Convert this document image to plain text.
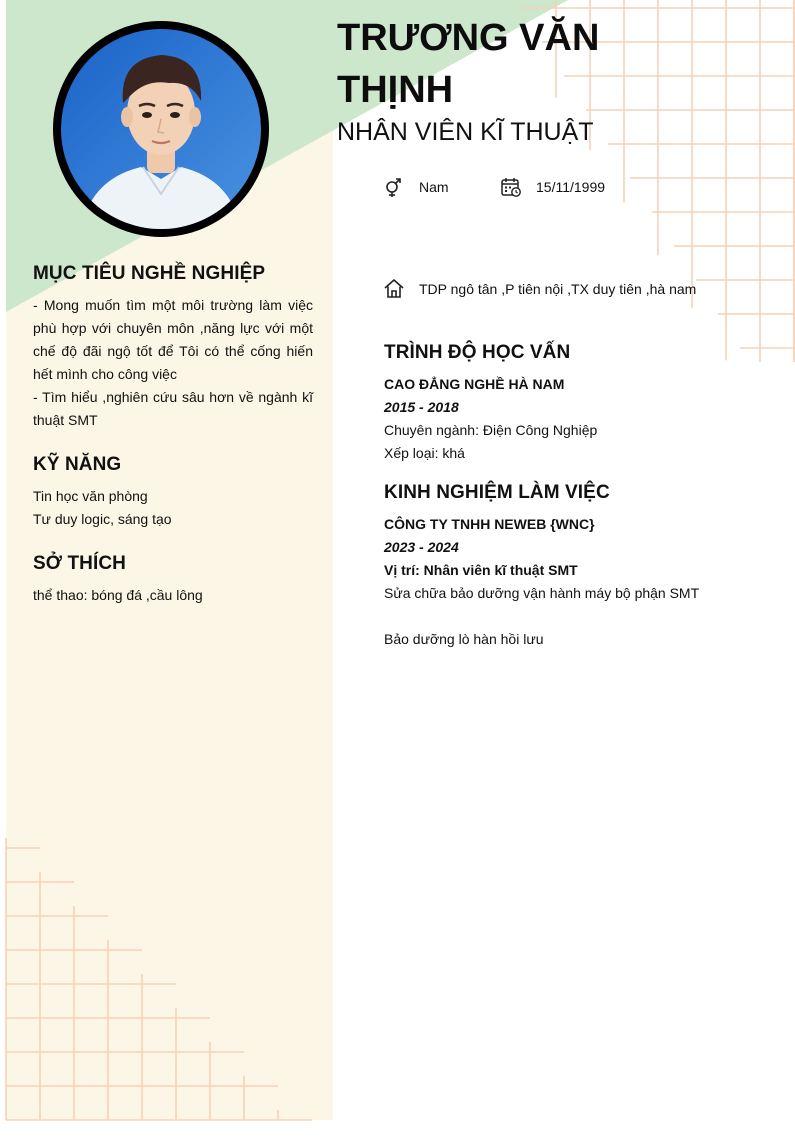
TRƯƠNG VĂN THỊNH
NHÂN VIÊN KĨ THUẬT
Nam	15/11/1999
TDP ngô tân ,P tiên nội ,TX duy tiên ,hà nam
MỤC TIÊU NGHỀ NGHIỆP
- Mong muốn tìm một môi trường làm việc phù hợp với chuyên môn ,năng lực với một chế độ đãi ngộ tốt để Tôi có thể cống hiến hết mình cho công việc
- Tìm hiểu ,nghiên cứu sâu hơn về ngành kĩ thuật SMT
KỸ NĂNG
Tin học văn phòng
Tư duy logic, sáng tạo
SỞ THÍCH
thể thao: bóng đá ,cầu lông
TRÌNH ĐỘ HỌC VẤN
CAO ĐẲNG NGHỀ HÀ NAM
2015 - 2018
Chuyên ngành: Điện Công Nghiệp
Xếp loại: khá
KINH NGHIỆM LÀM VIỆC
CÔNG TY TNHH NEWEB {WNC}
2023 - 2024
Vị trí: Nhân viên kĩ thuật SMT
Sửa chữa bảo dưỡng vận hành máy bộ phận SMT

Bảo dưỡng lò hàn hồi lưu
